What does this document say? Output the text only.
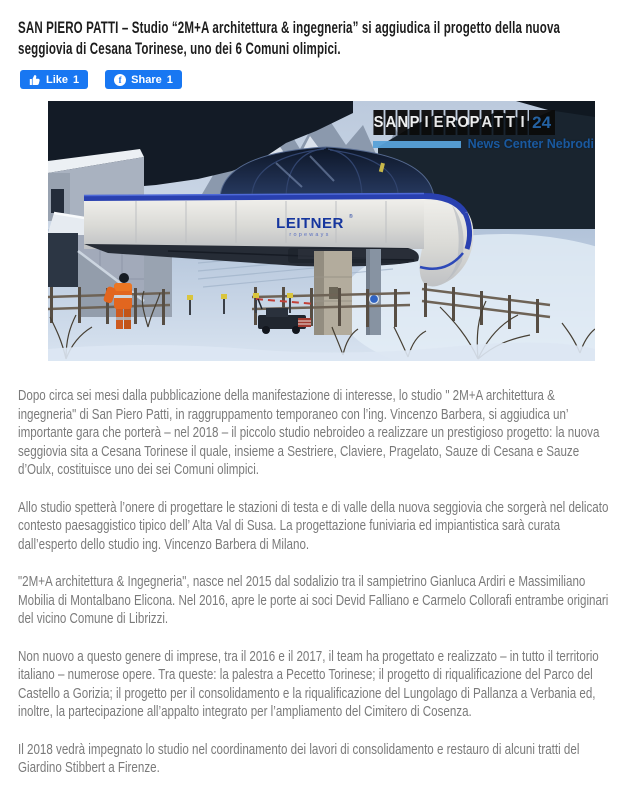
SAN PIERO PATTI – Studio “2M+A architettura & ingegneria” si aggiudica il progetto della nuova seggiovia di Cesana Torinese, uno dei 6 Comuni olimpici.
Like 1	f Share 1
LEITNER ®
ropeways
S A N P I E R O P A T T I 24
News Center Nebrodi

Dopo circa sei mesi dalla pubblicazione della manifestazione di interesse, lo studio " 2M+A architettura & ingegneria" di San Piero Patti, in raggruppamento temporaneo con l’ing. Vincenzo Barbera, si aggiudica un’ importante gara che porterà – nel 2018 – il piccolo studio nebroideo a realizzare un prestigioso progetto: la nuova seggiovia sita a Cesana Torinese il quale, insieme a Sestriere, Claviere, Pragelato, Sauze di Cesana e Sauze d’Oulx, costituisce uno dei sei Comuni olimpici.

Allo studio spetterà l’onere di progettare le stazioni di testa e di valle della nuova seggiovia che sorgerà nel delicato contesto paesaggistico tipico dell’ Alta Val di Susa. La progettazione funiviaria ed impiantistica sarà curata dall’esperto dello studio ing. Vincenzo Barbera di Milano.

"2M+A architettura & Ingegneria", nasce nel 2015 dal sodalizio tra il sampietrino Gianluca Ardiri e Massimiliano Mobilia di Montalbano Elicona. Nel 2016, apre le porte ai soci Devid Falliano e Carmelo Collorafi entrambe originari del vicino Comune di Librizzi.

Non nuovo a questo genere di imprese, tra il 2016 e il 2017, il team ha progettato e realizzato – in tutto il territorio italiano – numerose opere. Tra queste: la palestra a Pecetto Torinese; il progetto di riqualificazione del Parco del Castello a Gorizia; il progetto per il consolidamento e la riqualificazione del Lungolago di Pallanza a Verbania ed, inoltre, la partecipazione all’appalto integrato per l’ampliamento del Cimitero di Cosenza.

Il 2018 vedrà impegnato lo studio nel coordinamento dei lavori di consolidamento e restauro di alcuni tratti del Giardino Stibbert a Firenze.
